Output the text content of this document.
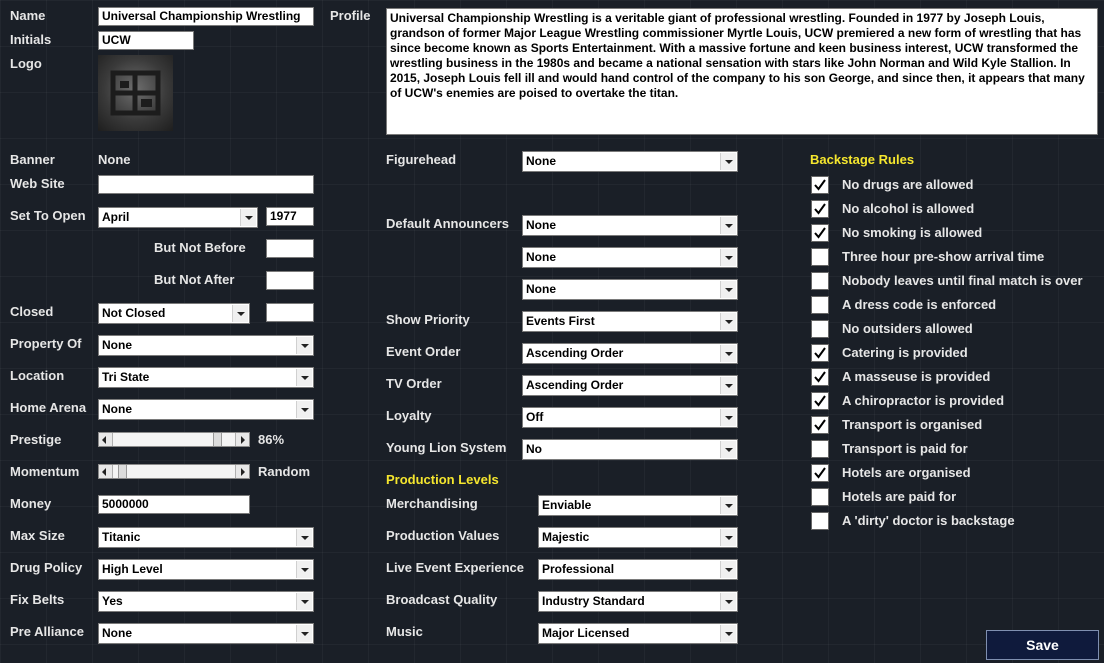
Name	Universal Championship Wrestling
Initials	UCW
Logo
Profile	Universal Championship Wrestling is a veritable giant of professional wrestling. Founded in 1977 by Joseph Louis, grandson of former Major League Wrestling commissioner Myrtle Louis, UCW premiered a new form of wrestling that has since become known as Sports Entertainment. With a massive fortune and keen business interest, UCW transformed the wrestling business in the 1980s and became a national sensation with stars like John Norman and Wild Kyle Stallion. In 2015, Joseph Louis fell ill and would hand control of the company to his son George, and since then, it appears that many of UCW's enemies are poised to overtake the titan.
Banner	None
Web Site
Set To Open	April	1977
But Not Before
But Not After
Closed	Not Closed
Property Of	None
Location	Tri State
Home Arena	None
Prestige	86%
Momentum	Random
Money	5000000
Max Size	Titanic
Drug Policy	High Level
Fix Belts	Yes
Pre Alliance	None
Figurehead	None
Default Announcers	None
None
None
Show Priority	Events First
Event Order	Ascending Order
TV Order	Ascending Order
Loyalty	Off
Young Lion System	No
Production Levels
Merchandising	Enviable
Production Values	Majestic
Live Event Experience	Professional
Broadcast Quality	Industry Standard
Music	Major Licensed
Backstage Rules
No drugs are allowed
No alcohol is allowed
No smoking is allowed
Three hour pre-show arrival time
Nobody leaves until final match is over
A dress code is enforced
No outsiders allowed
Catering is provided
A masseuse is provided
A chiropractor is provided
Transport is organised
Transport is paid for
Hotels are organised
Hotels are paid for
A 'dirty' doctor is backstage
Save
